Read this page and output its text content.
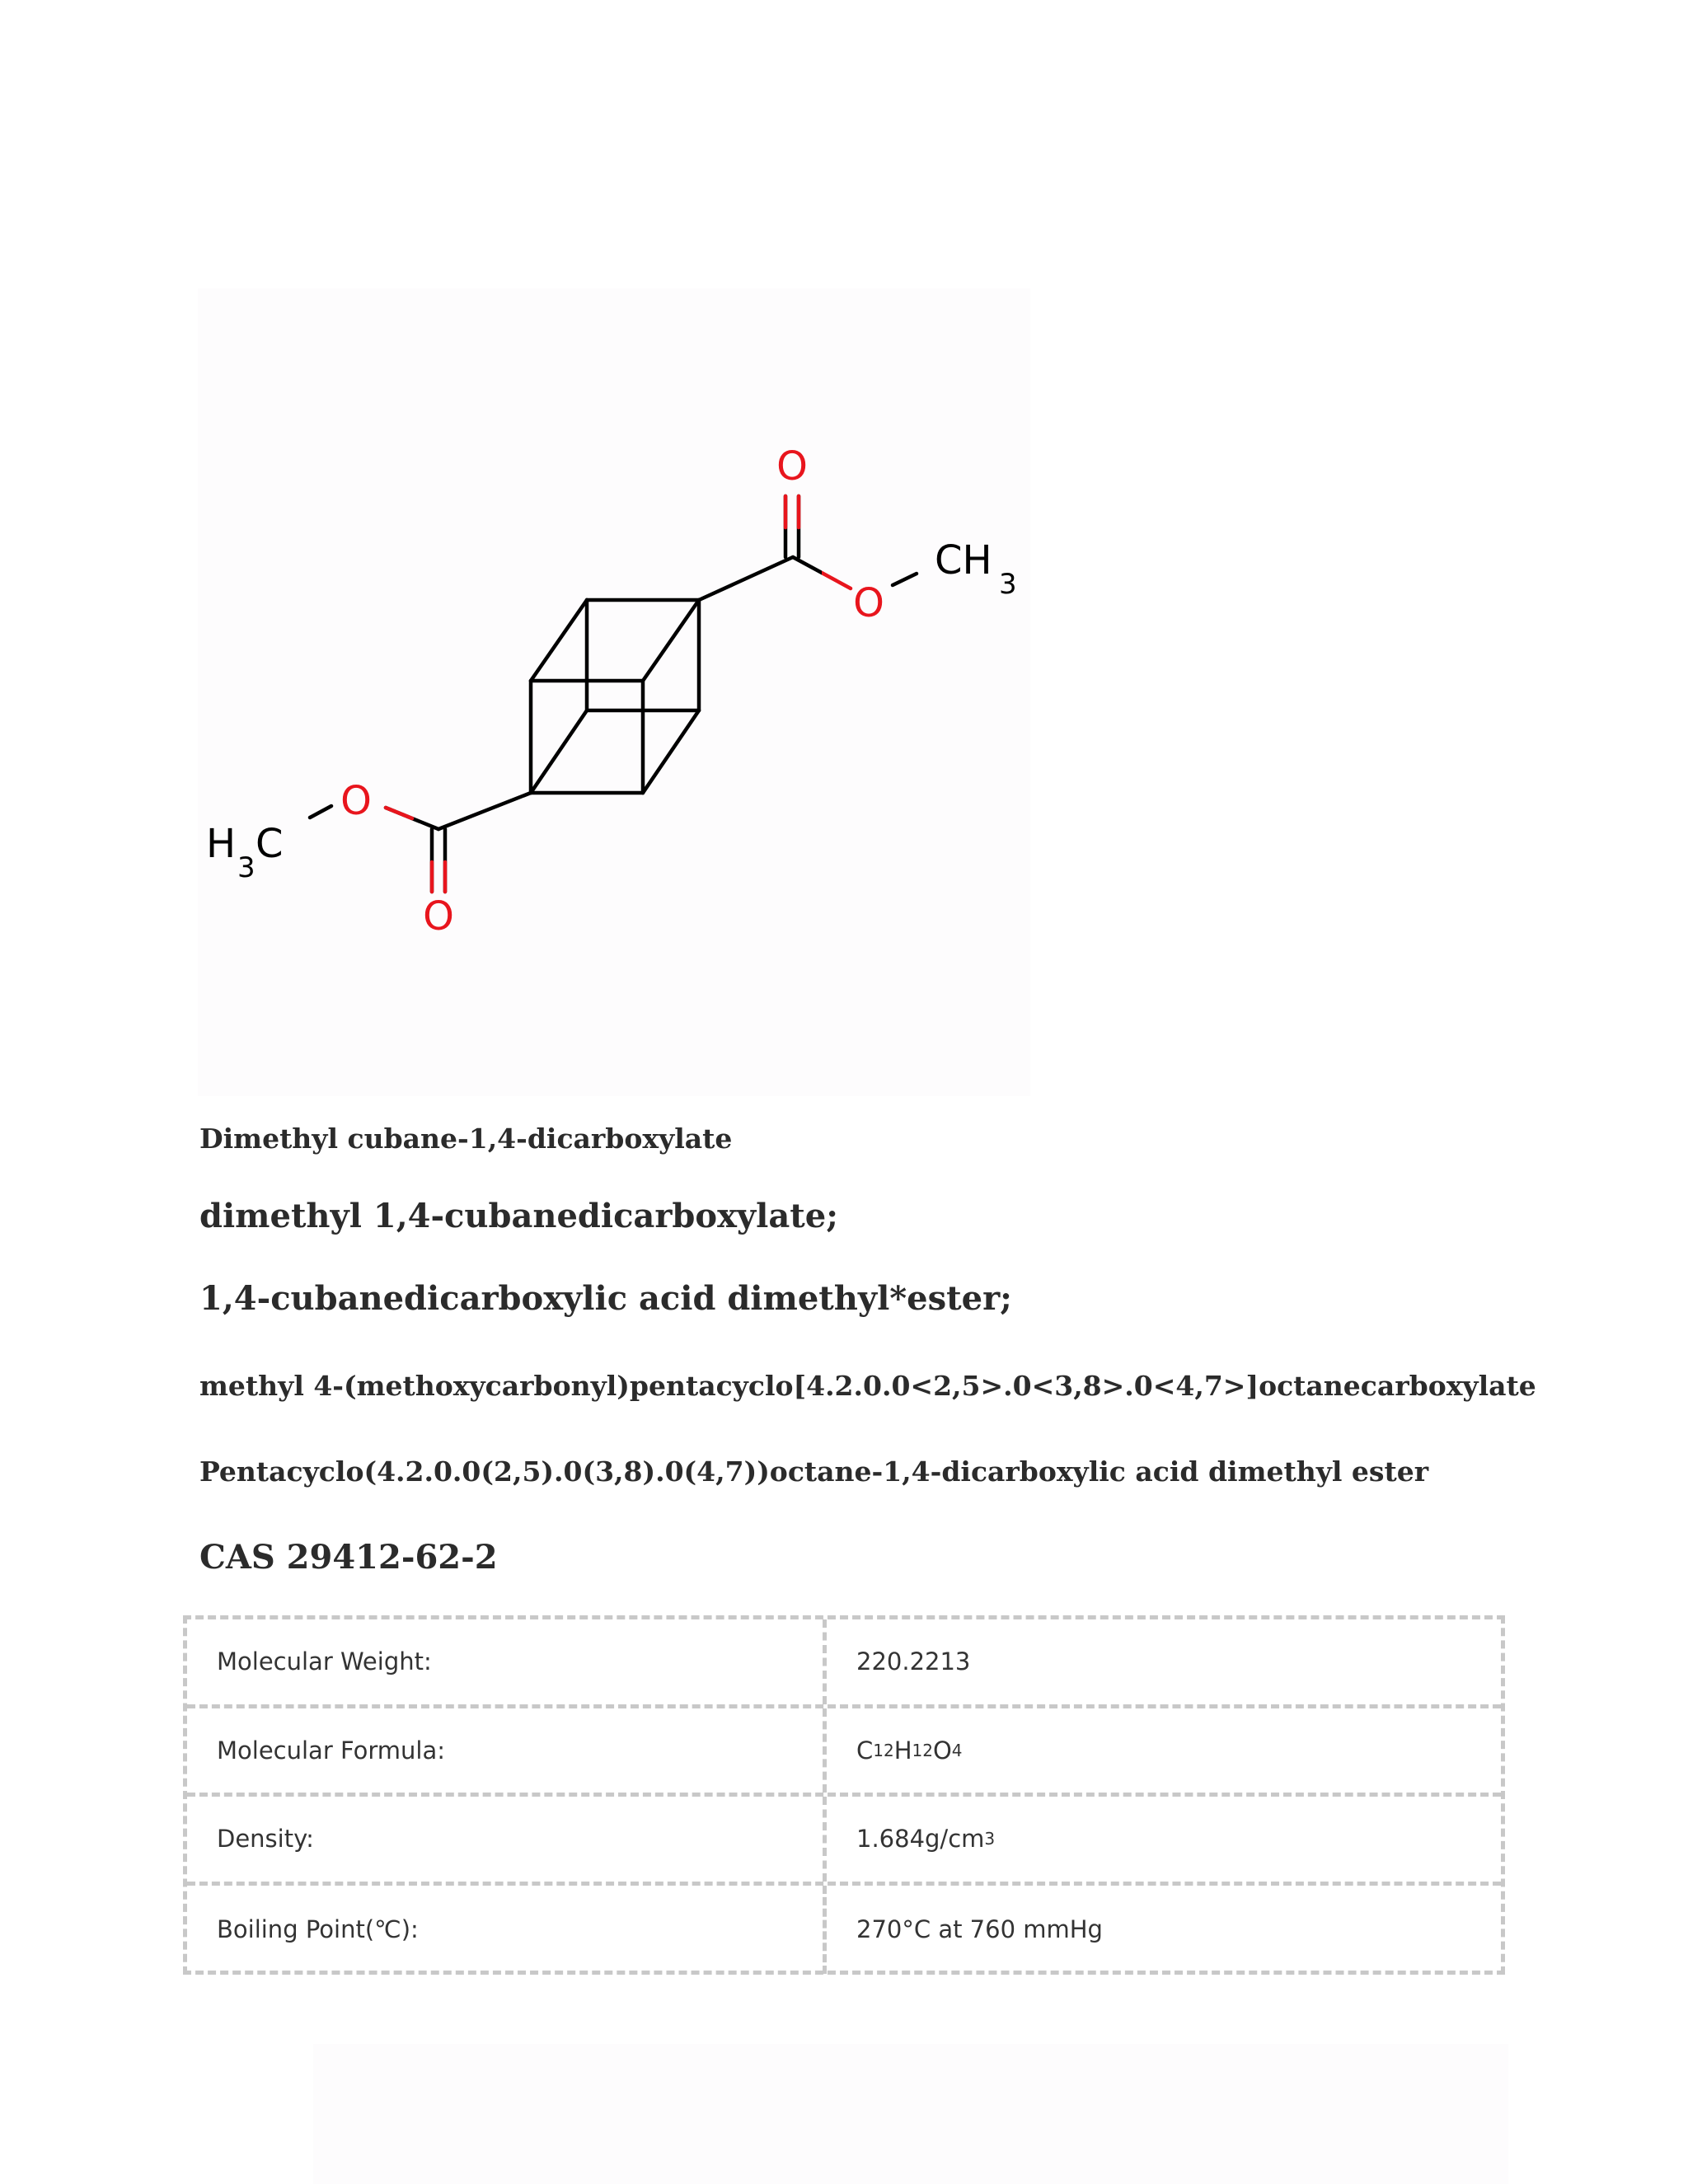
O
O
CH
3
H
3
C
O
O
Dimethyl cubane-1,4-dicarboxylate
dimethyl 1,4-cubanedicarboxylate;
1,4-cubanedicarboxylic acid dimethyl*ester;
methyl 4-(methoxycarbonyl)pentacyclo[4.2.0.0<2,5>.0<3,8>.0<4,7>]octanecarboxylate
Pentacyclo(4.2.0.0(2,5).0(3,8).0(4,7))octane-1,4-dicarboxylic acid dimethyl ester
CAS 29412-62-2
Molecular Weight:	220.2213
Molecular Formula:	C 12 H 12 O 4
Density:	1.684g/cm 3
Boiling Point(℃):	270°C at 760 mmHg
